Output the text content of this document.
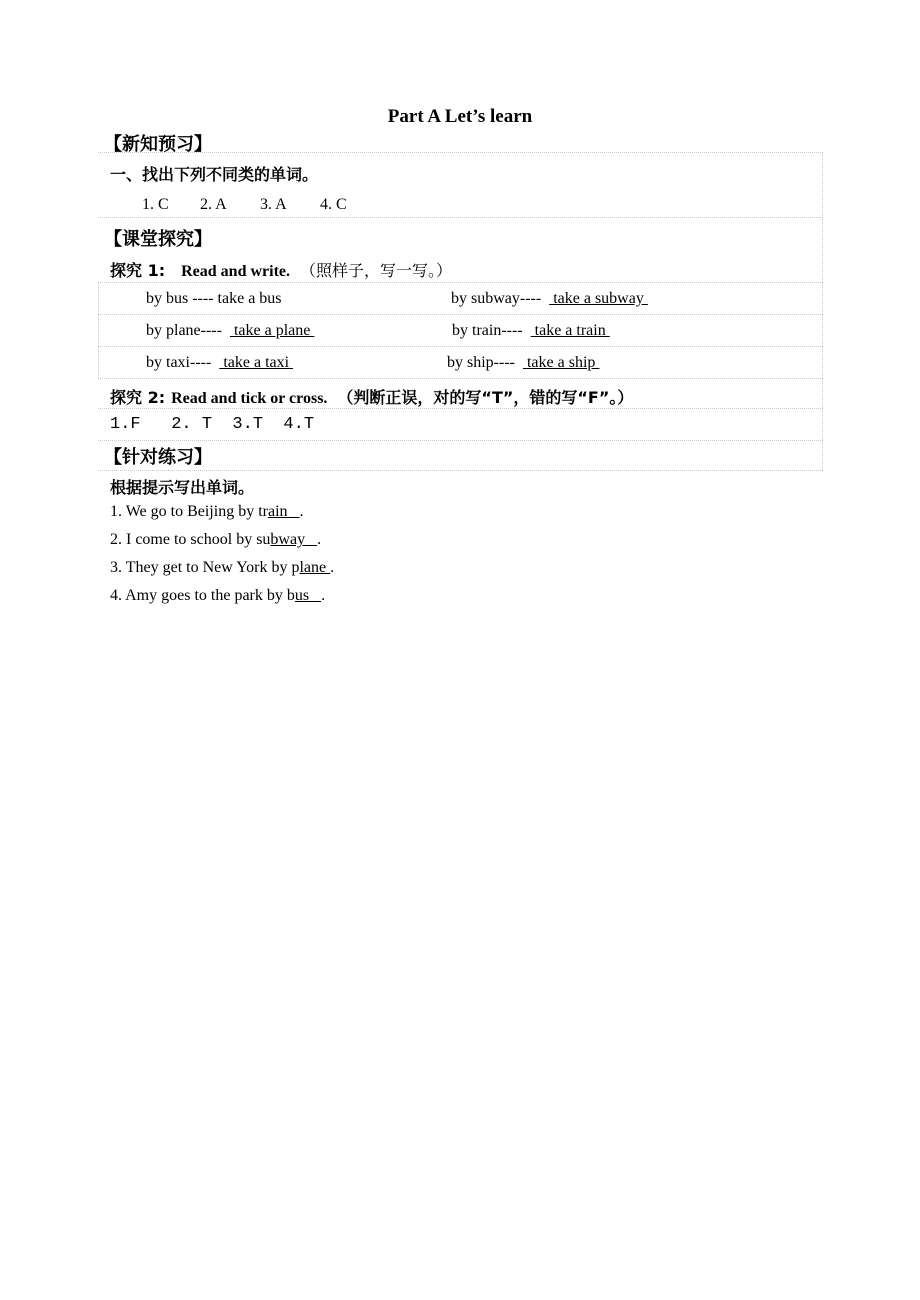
Part A Let’s learn
【新知预习】
一、找出下列不同类的单词。
1. C 2. A 3. A 4. C
【课堂探究】
探究 1: Read and write. （照样子，写一写。）
by bus ---- take a bus	by subway----  take a subway
by plane----  take a plane	by train----  take a train
by taxi----  take a taxi	by ship----  take a ship
探究 2: Read and tick or cross. （判断正误，对的写“T”，错的写“F”。）
1.F   2. T  3.T  4.T
【针对练习】
根据提示写出单词。
1. We go to Beijing by train   .
2. I come to school by subway   .
3. They get to New York by plane .
4. Amy goes to the park by bus   .
